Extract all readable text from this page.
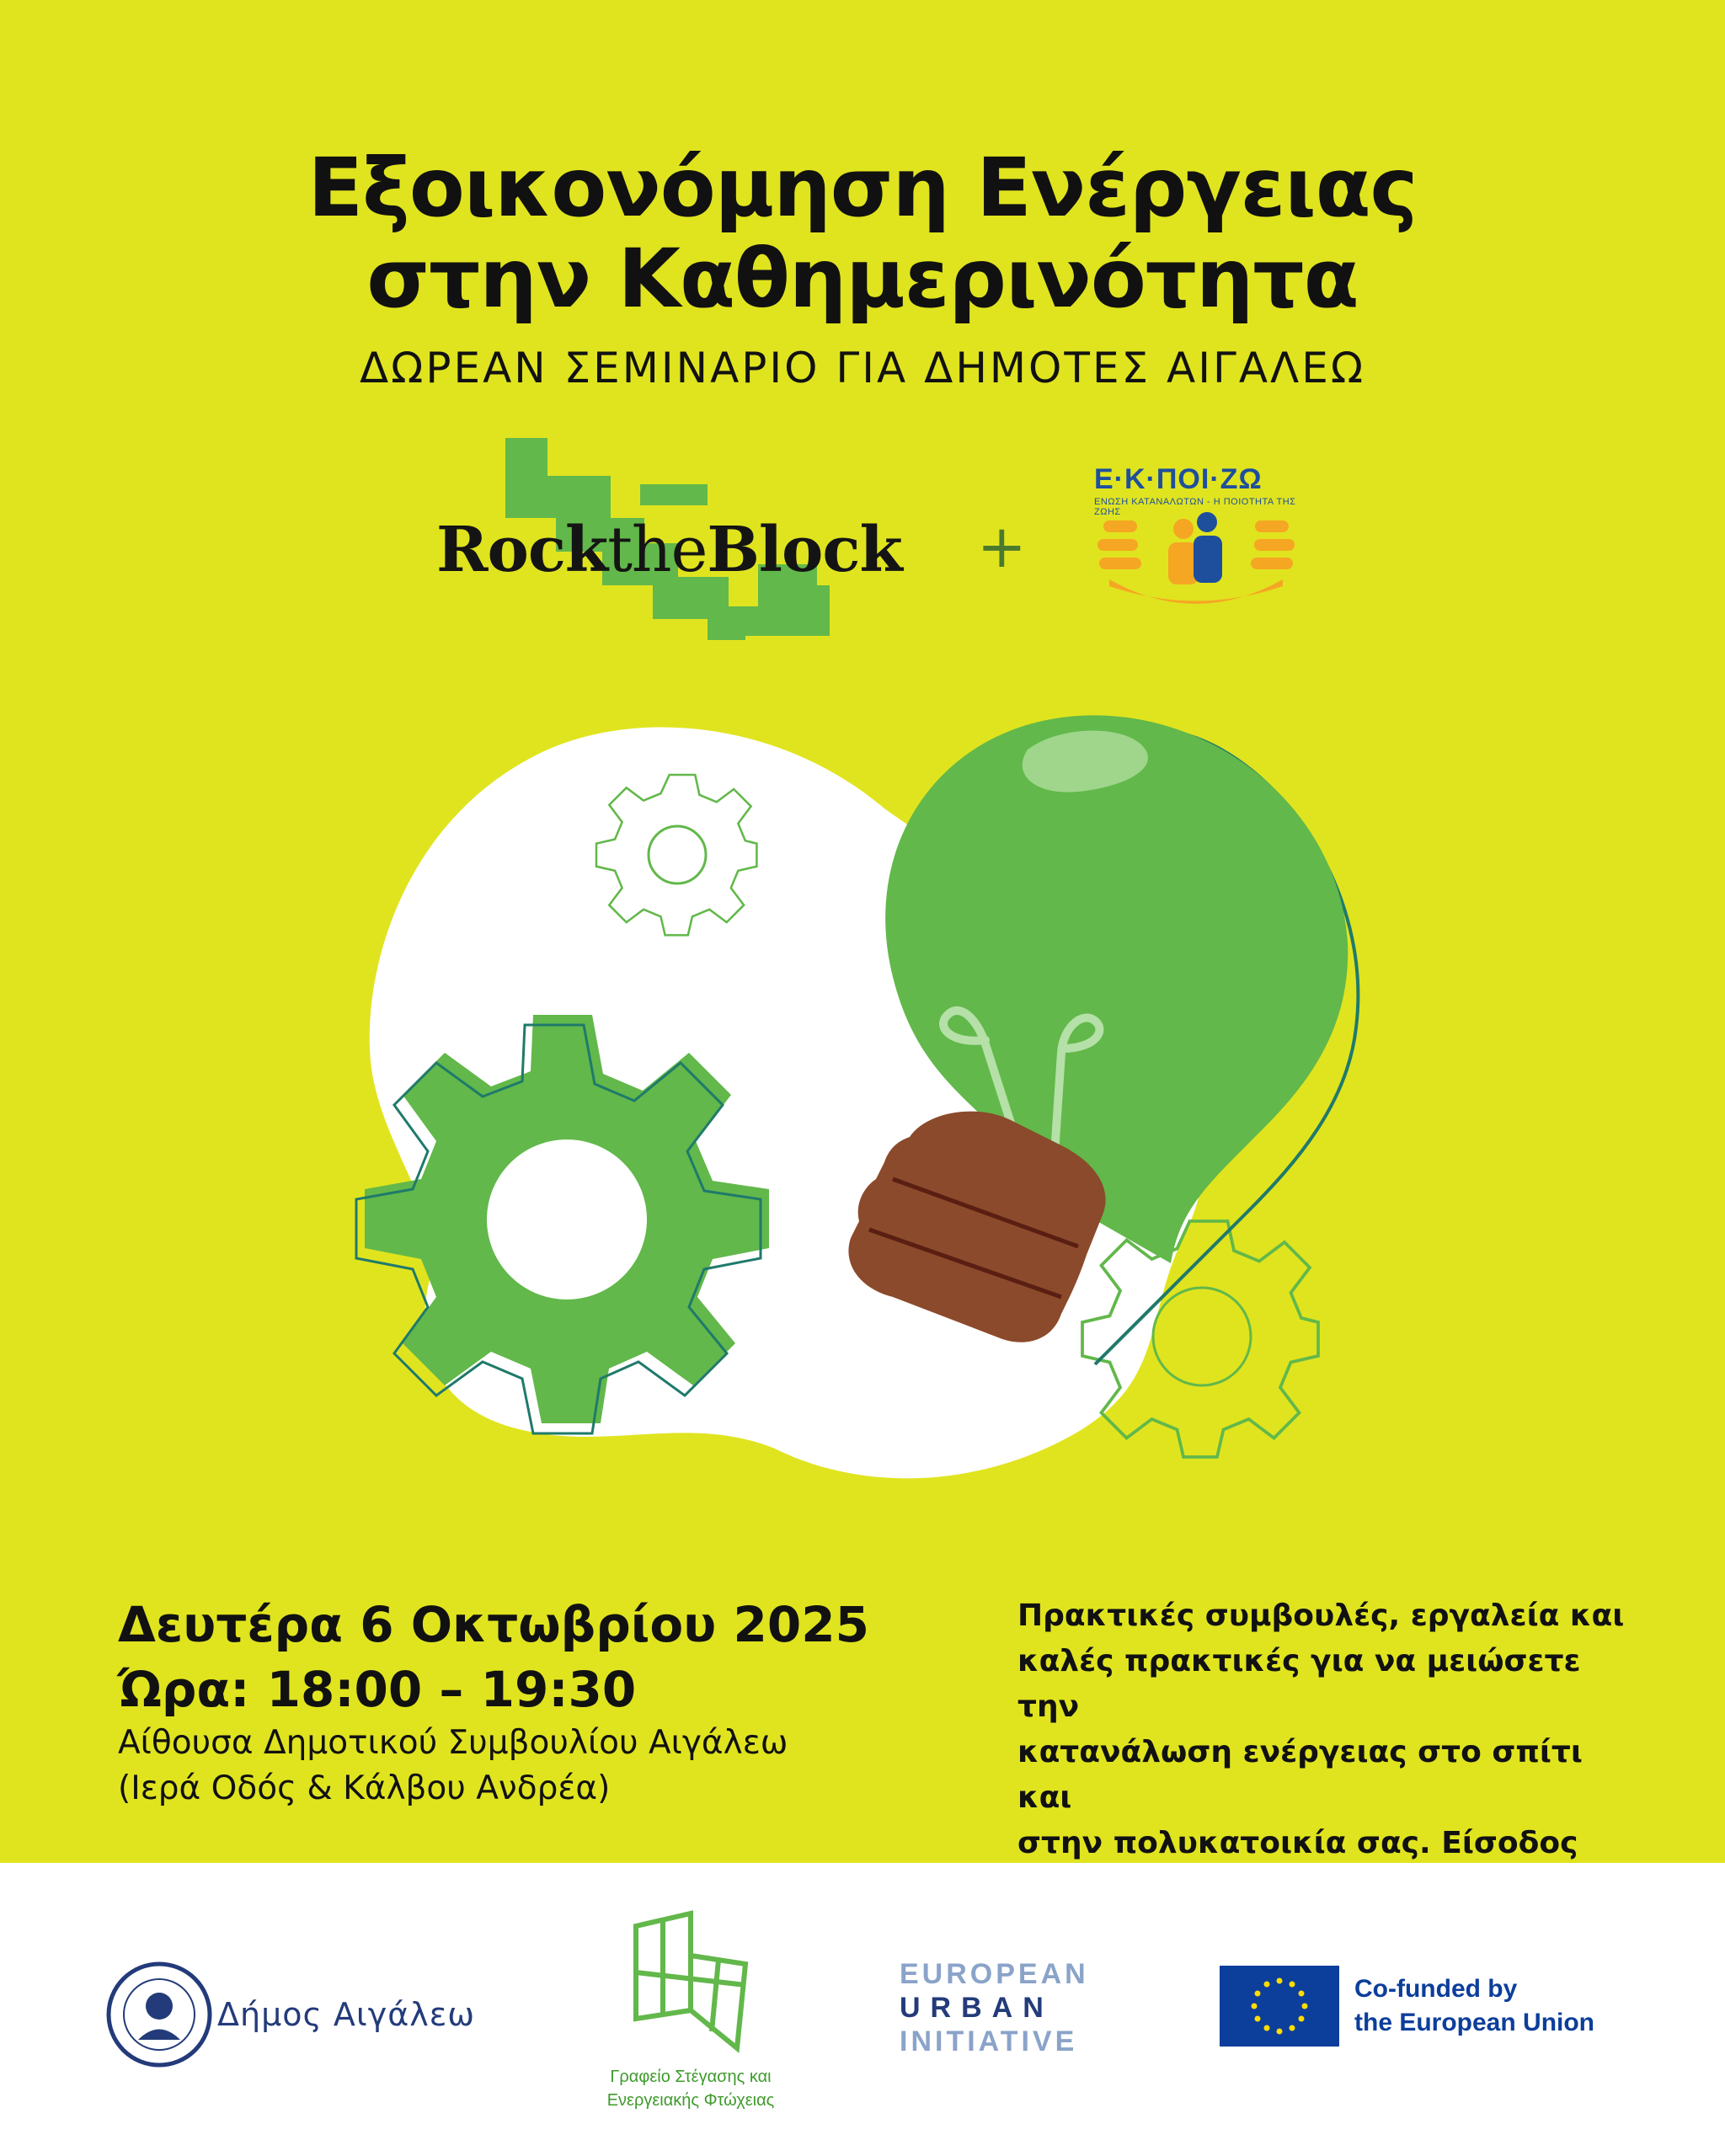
Εξοικονόμηση Ενέργειας
στην Καθημερινότητα
ΔΩΡΕΑΝ ΣΕΜΙΝΑΡΙΟ ΓΙΑ ΔΗΜΟΤΕΣ ΑΙΓΑΛΕΩ
RocktheBlock +
Ε·Κ·ΠΟΙ·ΖΩ
ΕΝΩΣΗ ΚΑΤΑΝΑΛΩΤΩΝ - Η ΠΟΙΟΤΗΤΑ ΤΗΣ ΖΩΗΣ
Δευτέρα 6 Οκτωβρίου 2025
Ώρα: 18:00 – 19:30
Αίθουσα Δημοτικού Συμβουλίου Αιγάλεω
(Ιερά Οδός & Κάλβου Ανδρέα)
Πρακτικές συμβουλές, εργαλεία και
καλές πρακτικές για να μειώσετε την
κατανάλωση ενέργειας στο σπίτι και
στην πολυκατοικία σας. Είσοδος
Δήμος Αιγάλεω
Γραφείο Στέγασης και
Ενεργειακής Φτώχειας
EUROPEAN
URBAN
INITIATIVE
Co-funded by
the European Union
